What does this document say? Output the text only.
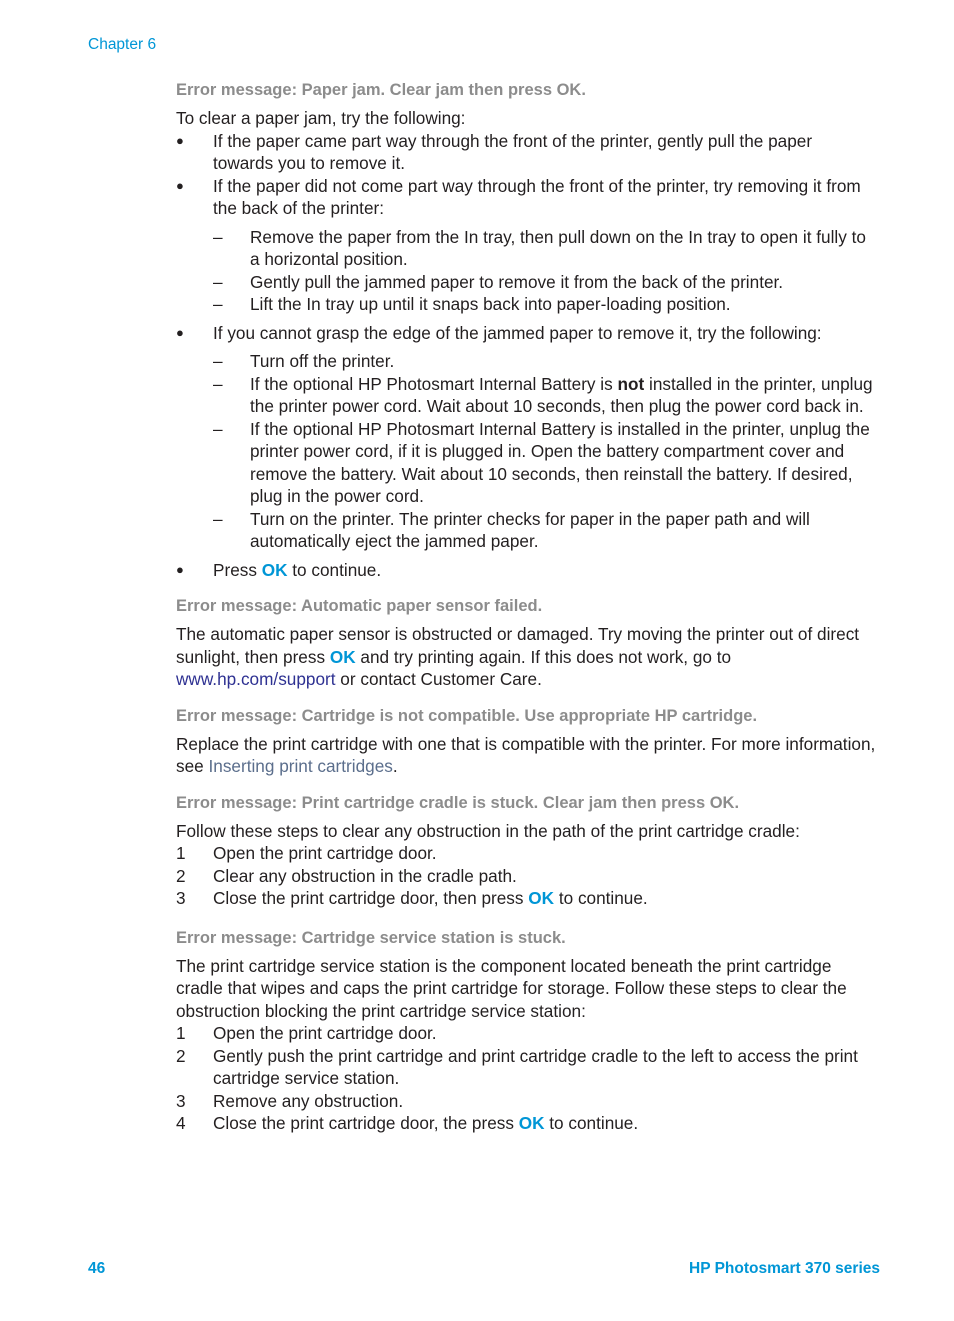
Chapter 6
Error message: Paper jam. Clear jam then press OK.

To clear a paper jam, try the following:

●	If the paper came part way through the front of the printer, gently pull the paper towards you to remove it.
●	If the paper did not come part way through the front of the printer, try removing it from the back of the printer:
–	Remove the paper from the In tray, then pull down on the In tray to open it fully to a horizontal position.
–	Gently pull the jammed paper to remove it from the back of the printer.
–	Lift the In tray up until it snaps back into paper-loading position.
●	If you cannot grasp the edge of the jammed paper to remove it, try the following:
–	Turn off the printer.
–	If the optional HP Photosmart Internal Battery is not installed in the printer, unplug the printer power cord. Wait about 10 seconds, then plug the power cord back in.
–	If the optional HP Photosmart Internal Battery is installed in the printer, unplug the printer power cord, if it is plugged in. Open the battery compartment cover and remove the battery. Wait about 10 seconds, then reinstall the battery. If desired, plug in the power cord.
–	Turn on the printer. The printer checks for paper in the paper path and will automatically eject the jammed paper.
●	Press OK to continue.
Error message: Automatic paper sensor failed.

The automatic paper sensor is obstructed or damaged. Try moving the printer out of direct sunlight, then press OK and try printing again. If this does not work, go to www.hp.com/support or contact Customer Care.

Error message: Cartridge is not compatible. Use appropriate HP cartridge.

Replace the print cartridge with one that is compatible with the printer. For more information, see Inserting print cartridges.

Error message: Print cartridge cradle is stuck. Clear jam then press OK.

Follow these steps to clear any obstruction in the path of the print cartridge cradle:

1	Open the print cartridge door.
2	Clear any obstruction in the cradle path.
3	Close the print cartridge door, then press OK to continue.
Error message: Cartridge service station is stuck.

The print cartridge service station is the component located beneath the print cartridge cradle that wipes and caps the print cartridge for storage. Follow these steps to clear the obstruction blocking the print cartridge service station:

1	Open the print cartridge door.
2	Gently push the print cartridge and print cartridge cradle to the left to access the print cartridge service station.
3	Remove any obstruction.
4	Close the print cartridge door, the press OK to continue.
46	HP Photosmart 370 series
